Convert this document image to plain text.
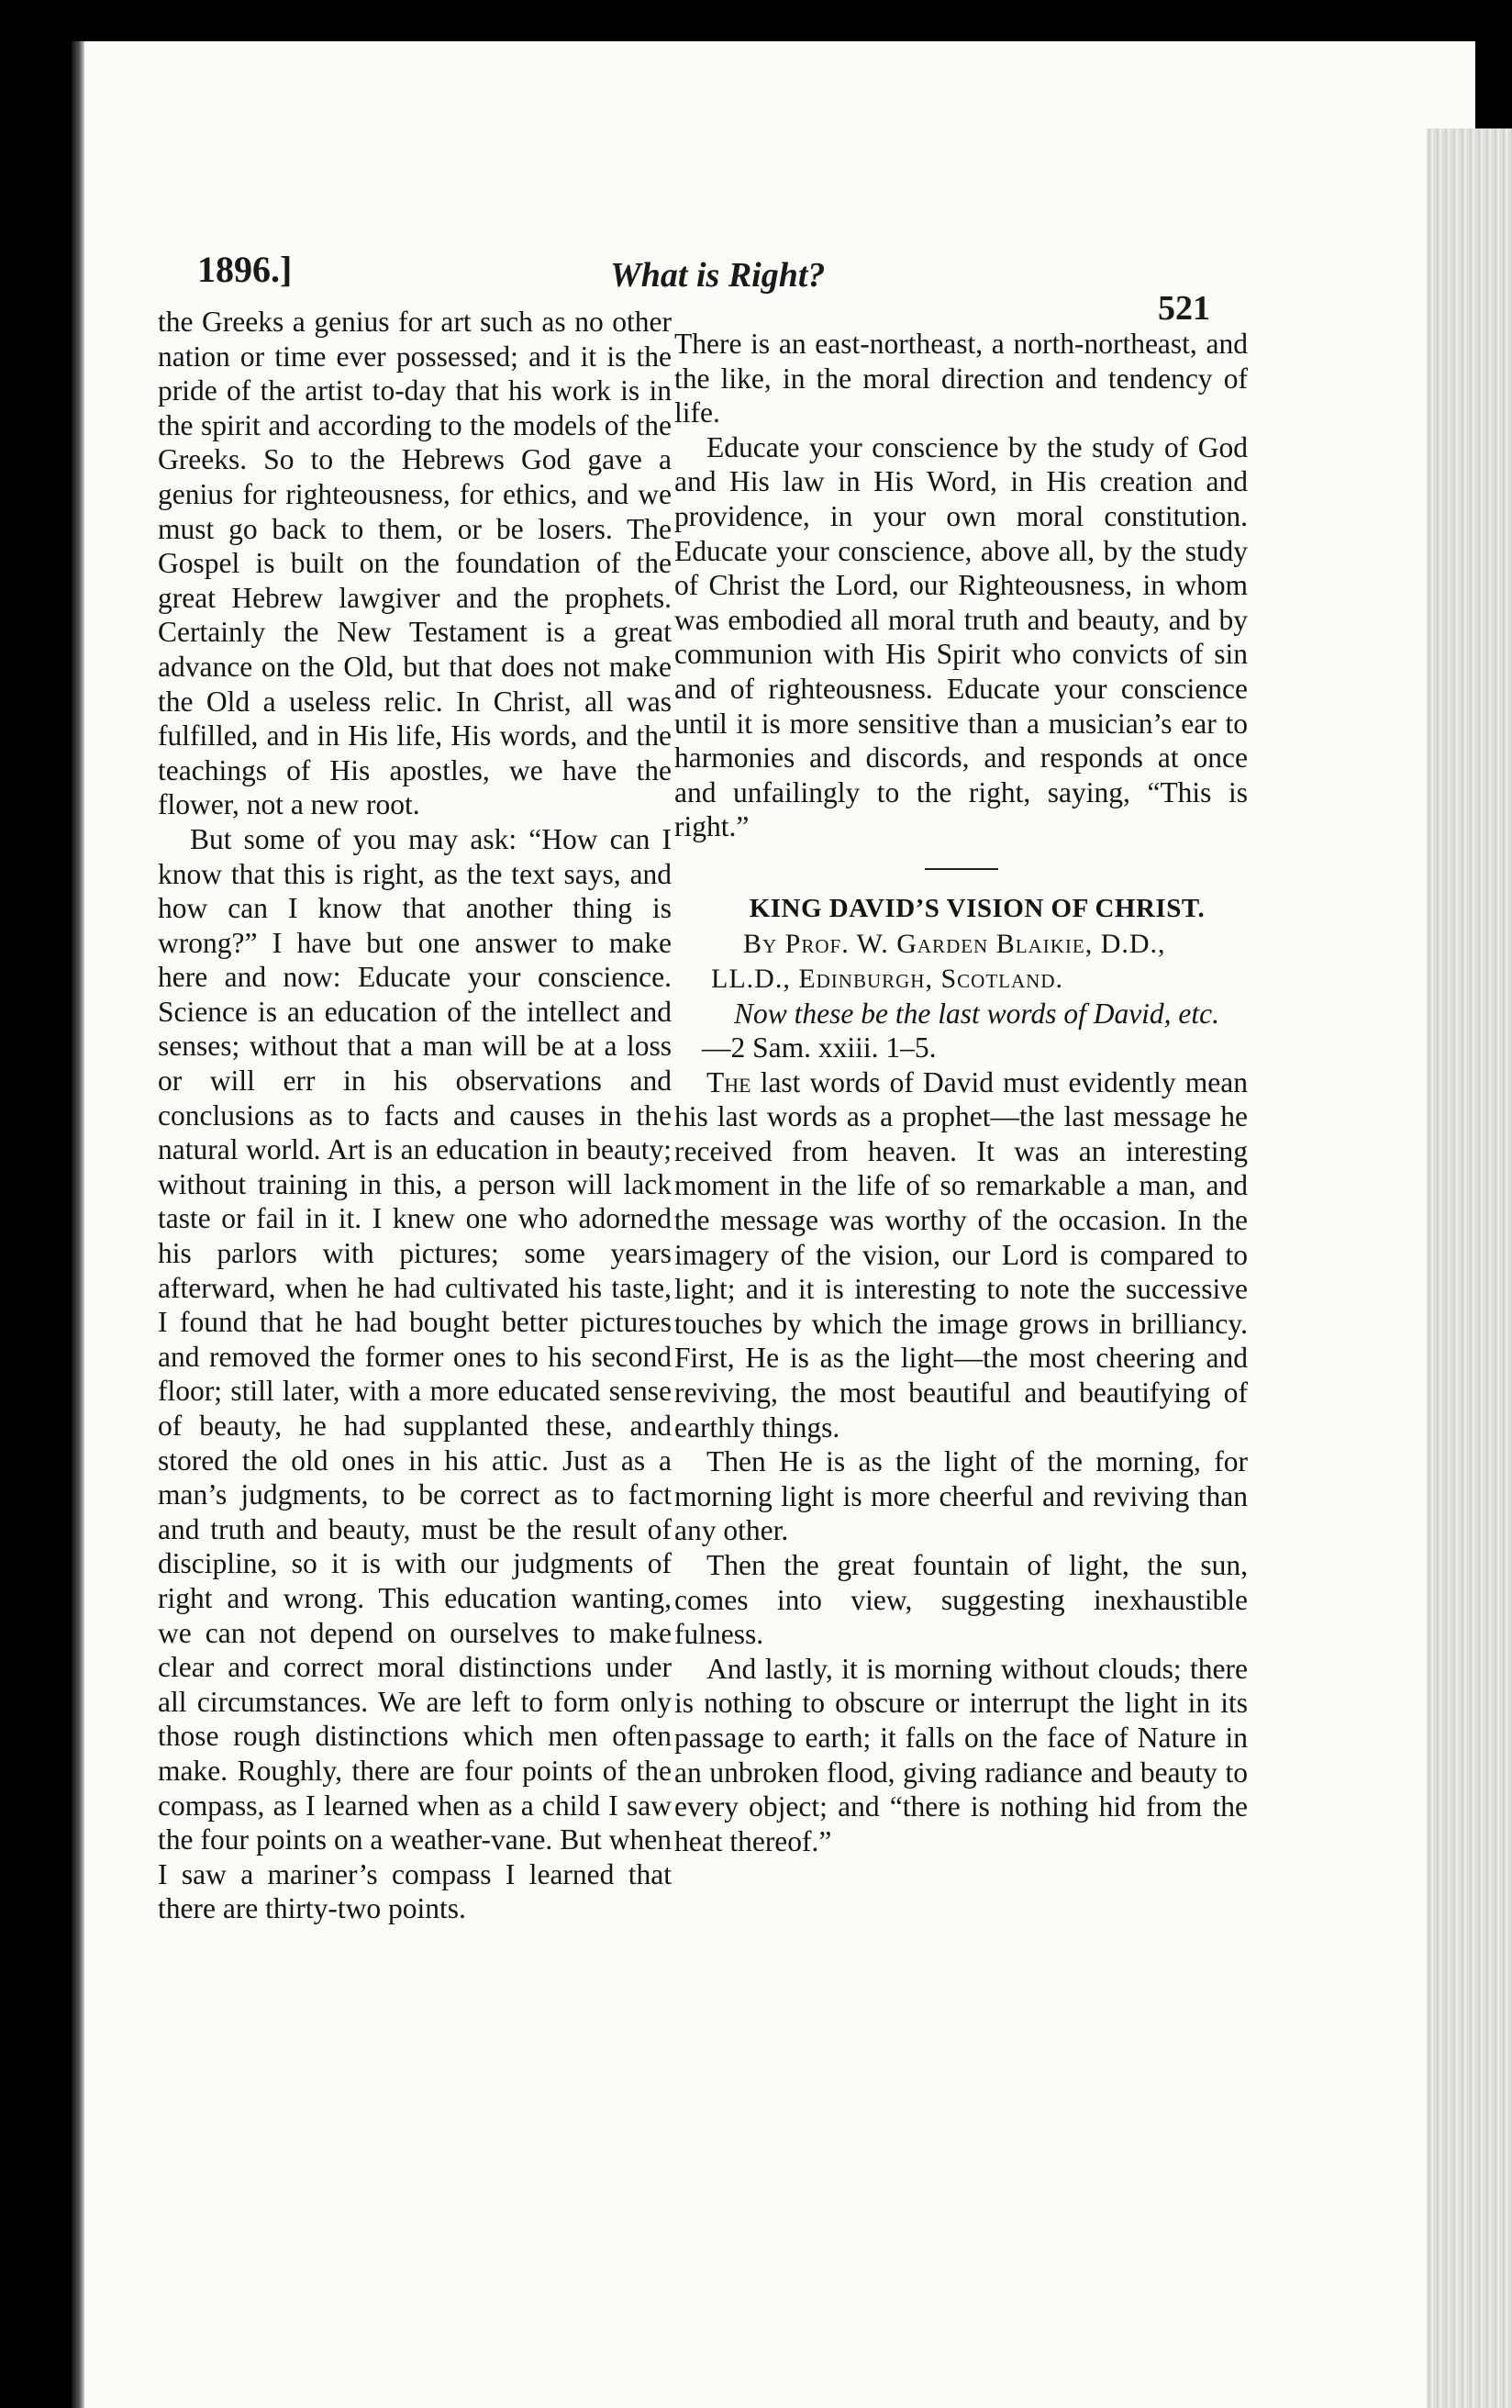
1896.]	What is Right?
521

the Greeks a genius for art such as no other nation or time ever possessed; and it is the pride of the artist to-day that his work is in the spirit and according to the models of the Greeks. So to the Hebrews God gave a genius for righteousness, for ethics, and we must go back to them, or be losers. The Gospel is built on the foundation of the great Hebrew lawgiver and the prophets. Certainly the New Testament is a great advance on the Old, but that does not make the Old a useless relic. In Christ, all was fulfilled, and in His life, His words, and the teachings of His apostles, we have the flower, not a new root.

But some of you may ask: “How can I know that this is right, as the text says, and how can I know that another thing is wrong?” I have but one answer to make here and now: Educate your conscience. Science is an education of the intellect and senses; without that a man will be at a loss or will err in his observations and conclusions as to facts and causes in the natural world. Art is an education in beauty; without training in this, a person will lack taste or fail in it. I knew one who adorned his parlors with pictures; some years afterward, when he had cultivated his taste, I found that he had bought better pictures and removed the former ones to his second floor; still later, with a more educated sense of beauty, he had supplanted these, and stored the old ones in his attic. Just as a man’s judgments, to be correct as to fact and truth and beauty, must be the result of discipline, so it is with our judgments of right and wrong. This education wanting, we can not depend on ourselves to make clear and correct moral distinctions under all circumstances. We are left to form only those rough distinctions which men often make. Roughly, there are four points of the compass, as I learned when as a child I saw the four points on a weather-vane. But when I saw a mariner’s compass I learned that there are thirty-two points.

There is an east-northeast, a north-northeast, and the like, in the moral direction and tendency of life.

Educate your conscience by the study of God and His law in His Word, in His creation and providence, in your own moral constitution. Educate your conscience, above all, by the study of Christ the Lord, our Righteousness, in whom was embodied all moral truth and beauty, and by communion with His Spirit who convicts of sin and of righteousness. Educate your conscience until it is more sensitive than a musician’s ear to harmonies and discords, and responds at once and unfailingly to the right, saying, “This is right.”

KING DAVID’S VISION OF CHRIST.

By Prof. W. Garden Blaikie, D.D., LL.D., Edinburgh, Scotland.

Now these be the last words of David, etc.
—2 Sam. xxiii. 1–5.

The last words of David must evidently mean his last words as a prophet—the last message he received from heaven. It was an interesting moment in the life of so remarkable a man, and the message was worthy of the occasion. In the imagery of the vision, our Lord is compared to light; and it is interesting to note the successive touches by which the image grows in brilliancy. First, He is as the light—the most cheering and reviving, the most beautiful and beautifying of earthly things.

Then He is as the light of the morning, for morning light is more cheerful and reviving than any other.

Then the great fountain of light, the sun, comes into view, suggesting inexhaustible fulness.

And lastly, it is morning without clouds; there is nothing to obscure or interrupt the light in its passage to earth; it falls on the face of Nature in an unbroken flood, giving radiance and beauty to every object; and “there is nothing hid from the heat thereof.”
